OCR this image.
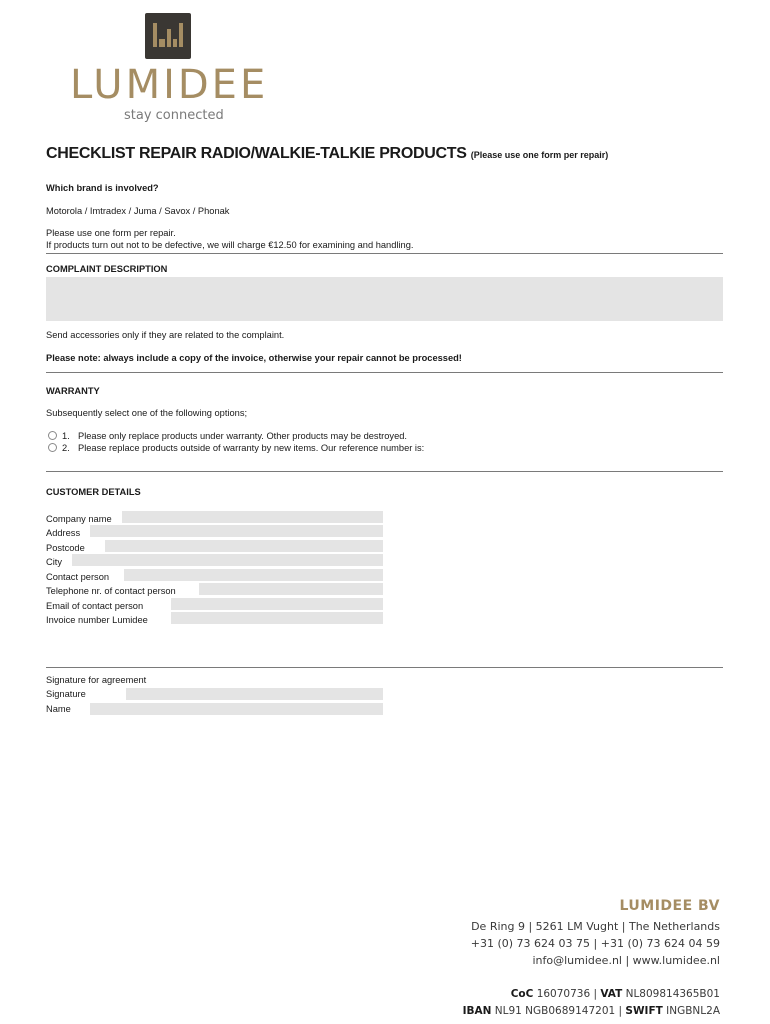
LUMIDEE
stay connected
CHECKLIST REPAIR RADIO/WALKIE-TALKIE PRODUCTS (Please use one form per repair)
Which brand is involved?
Motorola / Imtradex / Juma / Savox / Phonak
Please use one form per repair.
If products turn out not to be defective, we will charge €12.50 for examining and handling.
COMPLAINT DESCRIPTION
Send accessories only if they are related to the complaint.
Please note: always include a copy of the invoice, otherwise your repair cannot be processed!
WARRANTY
Subsequently select one of the following options;
1. Please only replace products under warranty. Other products may be destroyed.
2. Please replace products outside of warranty by new items. Our reference number is:
CUSTOMER DETAILS
Company name
Address
Postcode
City
Contact person
Telephone nr. of contact person
Email of contact person
Invoice number Lumidee
Signature for agreement
Signature
Name
LUMIDEE BV
De Ring 9 | 5261 LM Vught | The Netherlands
+31 (0) 73 624 03 75 | +31 (0) 73 624 04 59
info@lumidee.nl | www.lumidee.nl
CoC 16070736 | VAT NL809814365B01
IBAN NL91 NGB0689147201 | SWIFT INGBNL2A
